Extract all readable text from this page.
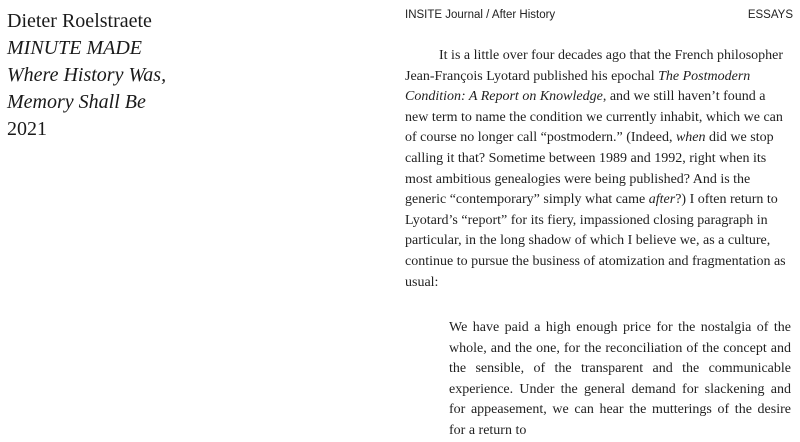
Dieter Roelstraete
MINUTE MADE
Where History Was,
Memory Shall Be
2021
INSITE Journal / After History	ESSAYS

It is a little over four decades ago that the French philosopher Jean-François Lyotard published his epochal The Postmodern Condition: A Report on Knowledge, and we still haven’t found a new term to name the condition we currently inhabit, which we can of course no longer call “postmodern.” (Indeed, when did we stop calling it that? Sometime between 1989 and 1992, right when its most ambitious genealogies were being published? And is the generic “contemporary” simply what came after?) I often return to Lyotard’s “report” for its fiery, impassioned closing paragraph in particular, in the long shadow of which I believe we, as a culture, continue to pursue the business of atomization and fragmentation as usual:

We have paid a high enough price for the nostalgia of the whole, and the one, for the reconciliation of the concept and the sensible, of the transparent and the communicable experience. Under the general demand for slackening and for appeasement, we can hear the mutterings of the desire for a return to
